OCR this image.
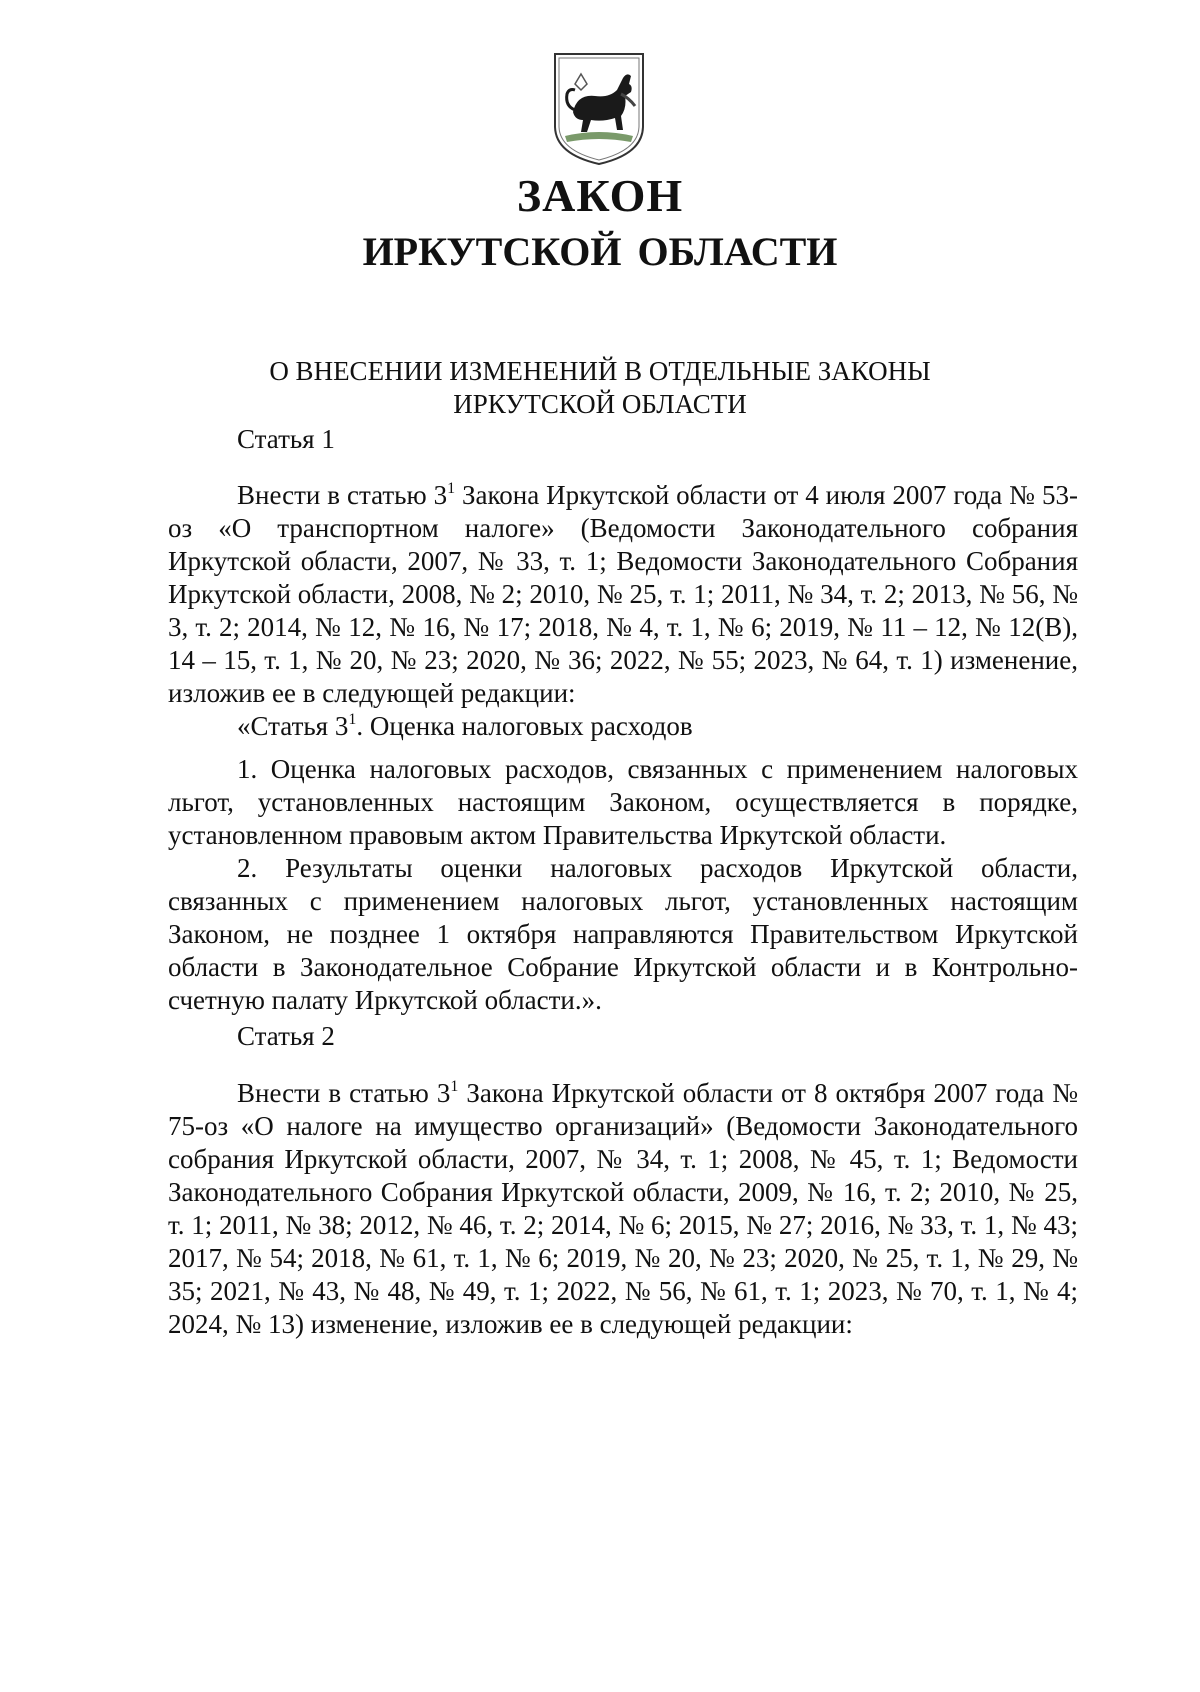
ЗАКОН
ИРКУТСКОЙ ОБЛАСТИ
О ВНЕСЕНИИ ИЗМЕНЕНИЙ В ОТДЕЛЬНЫЕ ЗАКОНЫ
ИРКУТСКОЙ ОБЛАСТИ

Статья 1

Внести в статью $3^1$ Закона Иркутской области от 4 июля 2007 года № 53-оз «О транспортном налоге» (Ведомости Законодательного собрания Иркутской области, 2007, № 33, т. 1; Ведомости Законодательного Собрания Иркутской области, 2008, № 2; 2010, № 25, т. 1; 2011, № 34, т. 2; 2013, № 56, № 3, т. 2; 2014, № 12, № 16, № 17; 2018, № 4, т. 1, № 6; 2019, № 11 – 12, № 12(В), 14 – 15, т. 1, № 20, № 23; 2020, № 36; 2022, № 55; 2023, № 64, т. 1) изменение, изложив ее в следующей редакции:

«Статья $3^1$. Оценка налоговых расходов

1. Оценка налоговых расходов, связанных с применением налоговых льгот, установленных настоящим Законом, осуществляется в порядке, установленном правовым актом Правительства Иркутской области.

2. Результаты оценки налоговых расходов Иркутской области, связанных с применением налоговых льгот, установленных настоящим Законом, не позднее 1 октября направляются Правительством Иркутской области в Законодательное Собрание Иркутской области и в Контрольно-счетную палату Иркутской области.».

Статья 2

Внести в статью $3^1$ Закона Иркутской области от 8 октября 2007 года № 75-оз «О налоге на имущество организаций» (Ведомости Законодательного собрания Иркутской области, 2007, № 34, т. 1; 2008, № 45, т. 1; Ведомости Законодательного Собрания Иркутской области, 2009, № 16, т. 2; 2010, № 25, т. 1; 2011, № 38; 2012, № 46, т. 2; 2014, № 6; 2015, № 27; 2016, № 33, т. 1, № 43; 2017, № 54; 2018, № 61, т. 1, № 6; 2019, № 20, № 23; 2020, № 25, т. 1, № 29, № 35; 2021, № 43, № 48, № 49, т. 1; 2022, № 56, № 61, т. 1; 2023, № 70, т. 1, № 4; 2024, № 13) изменение, изложив ее в следующей редакции:
